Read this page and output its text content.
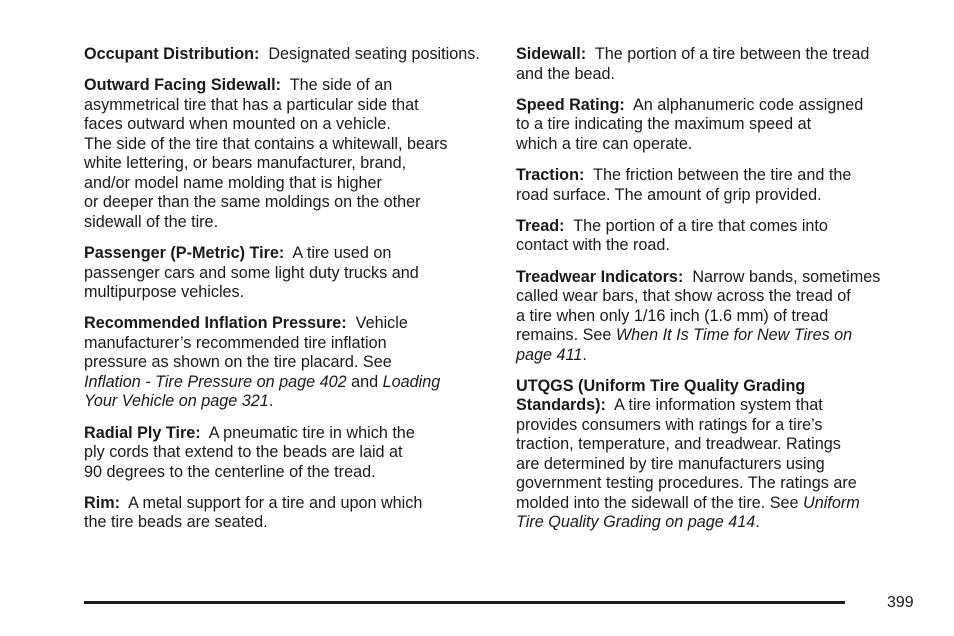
Occupant Distribution: Designated seating positions.

Outward Facing Sidewall: The side of an
asymmetrical tire that has a particular side that
faces outward when mounted on a vehicle.
The side of the tire that contains a whitewall, bears
white lettering, or bears manufacturer, brand,
and/or model name molding that is higher
or deeper than the same moldings on the other
sidewall of the tire.

Passenger (P-Metric) Tire: A tire used on
passenger cars and some light duty trucks and
multipurpose vehicles.

Recommended Inflation Pressure: Vehicle
manufacturer’s recommended tire inflation
pressure as shown on the tire placard. See
Inflation - Tire Pressure on page 402 and Loading
Your Vehicle on page 321.

Radial Ply Tire: A pneumatic tire in which the
ply cords that extend to the beads are laid at
90 degrees to the centerline of the tread.

Rim: A metal support for a tire and upon which
the tire beads are seated.

Sidewall: The portion of a tire between the tread
and the bead.

Speed Rating: An alphanumeric code assigned
to a tire indicating the maximum speed at
which a tire can operate.

Traction: The friction between the tire and the
road surface. The amount of grip provided.

Tread: The portion of a tire that comes into
contact with the road.

Treadwear Indicators: Narrow bands, sometimes
called wear bars, that show across the tread of
a tire when only 1/16 inch (1.6 mm) of tread
remains. See When It Is Time for New Tires on
page 411.

UTQGS (Uniform Tire Quality Grading
Standards): A tire information system that
provides consumers with ratings for a tire’s
traction, temperature, and treadwear. Ratings
are determined by tire manufacturers using
government testing procedures. The ratings are
molded into the sidewall of the tire. See Uniform
Tire Quality Grading on page 414.

399
